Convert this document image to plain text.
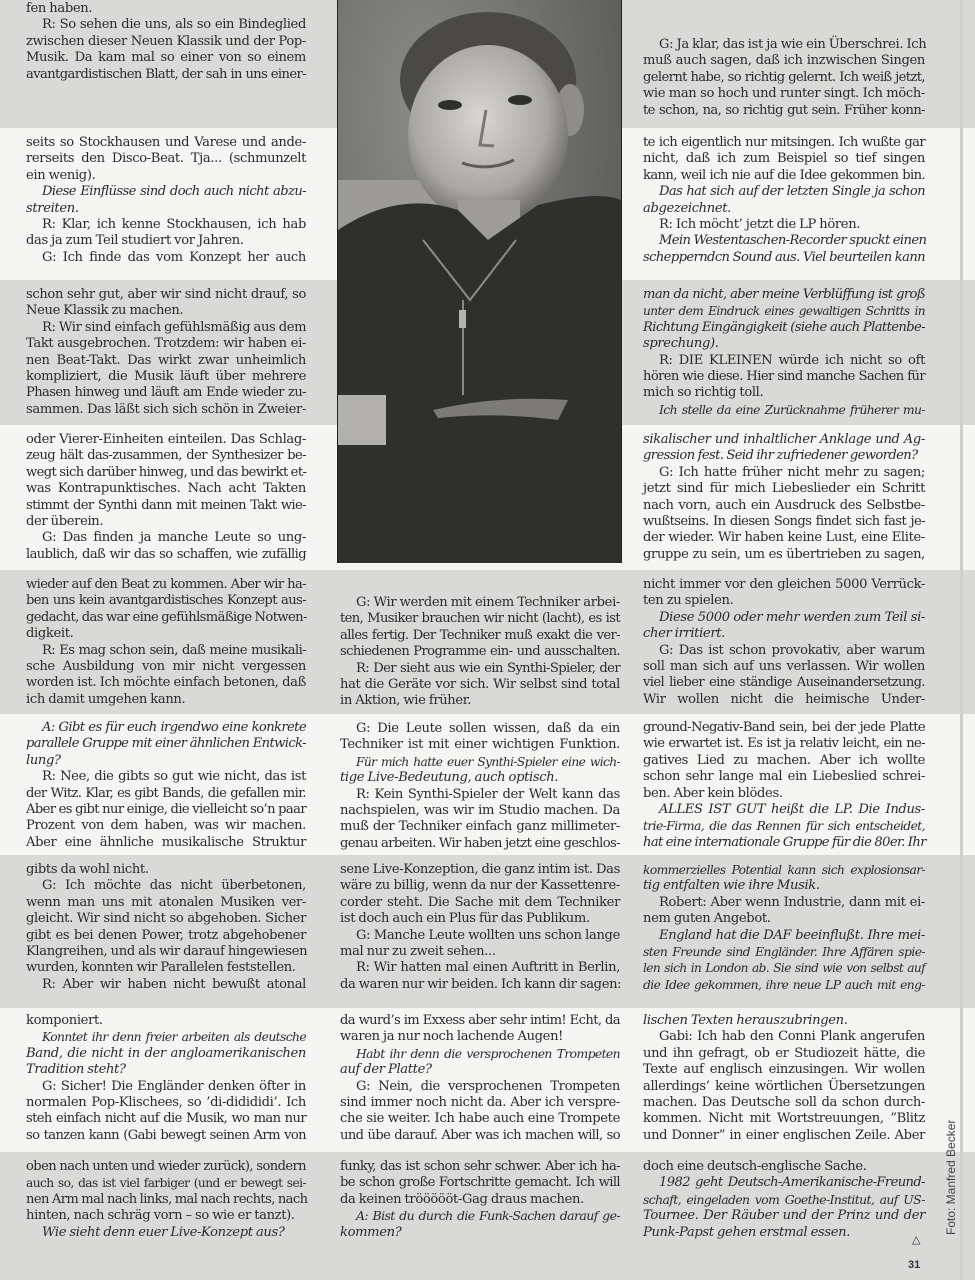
fen haben.
R: So sehen die uns, als so ein Bindeglied
zwischen dieser Neuen Klassik und der Pop-
Musik. Da kam mal so einer von so einem
avantgardistischen Blatt, der sah in uns einer-
seits so Stockhausen und Varese und ande-
rerseits den Disco-Beat. Tja... (schmunzelt
ein wenig).
Diese Einflüsse sind doch auch nicht abzu-
streiten.
R: Klar, ich kenne Stockhausen, ich hab
das ja zum Teil studiert vor Jahren.
G: Ich finde das vom Konzept her auch
schon sehr gut, aber wir sind nicht drauf, so
Neue Klassik zu machen.
R: Wir sind einfach gefühlsmäßig aus dem
Takt ausgebrochen. Trotzdem: wir haben ei-
nen Beat-Takt. Das wirkt zwar unheimlich
kompliziert, die Musik läuft über mehrere
Phasen hinweg und läuft am Ende wieder zu-
sammen. Das läßt sich sich schön in Zweier-
oder Vierer-Einheiten einteilen. Das Schlag-
zeug hält das-zusammen, der Synthesizer be-
wegt sich darüber hinweg, und das bewirkt et-
was Kontrapunktisches. Nach acht Takten
stimmt der Synthi dann mit meinen Takt wie-
der überein.
G: Das finden ja manche Leute so ung-
laublich, daß wir das so schaffen, wie zufällig
wieder auf den Beat zu kommen. Aber wir ha-
ben uns kein avantgardistisches Konzept aus-
gedacht, das war eine gefühlsmäßige Notwen-
digkeit.
R: Es mag schon sein, daß meine musikali-
sche Ausbildung von mir nicht vergessen
worden ist. Ich möchte einfach betonen, daß
ich damit umgehen kann.
A: Gibt es für euch irgendwo eine konkrete
parallele Gruppe mit einer ähnlichen Entwick-
lung?
R: Nee, die gibts so gut wie nicht, das ist
der Witz. Klar, es gibt Bands, die gefallen mir.
Aber es gibt nur einige, die vielleicht so’n paar
Prozent von dem haben, was wir machen.
Aber eine ähnliche musikalische Struktur
gibts da wohl nicht.
G: Ich möchte das nicht überbetonen,
wenn man uns mit atonalen Musiken ver-
gleicht. Wir sind nicht so abgehoben. Sicher
gibt es bei denen Power, trotz abgehobener
Klangreihen, und als wir darauf hingewiesen
wurden, konnten wir Parallelen feststellen.
R: Aber wir haben nicht bewußt atonal
komponiert.
Konntet ihr denn freier arbeiten als deutsche
Band, die nicht in der angloamerikanischen
Tradition steht?
G: Sicher! Die Engländer denken öfter in
normalen Pop-Klischees, so ’di-didididi’. Ich
steh einfach nicht auf die Musik, wo man nur
so tanzen kann (Gabi bewegt seinen Arm von
oben nach unten und wieder zurück), sondern
auch so, das ist viel farbiger (und er bewegt sei-
nen Arm mal nach links, mal nach rechts, nach
hinten, nach schräg vorn – so wie er tanzt).
Wie sieht denn euer Live-Konzept aus?
G: Wir werden mit einem Techniker arbei-
ten, Musiker brauchen wir nicht (lacht), es ist
alles fertig. Der Techniker muß exakt die ver-
schiedenen Programme ein- und ausschalten.
R: Der sieht aus wie ein Synthi-Spieler, der
hat die Geräte vor sich. Wir selbst sind total
in Aktion, wie früher.
G: Die Leute sollen wissen, daß da ein
Techniker ist mit einer wichtigen Funktion.
Für mich hatte euer Synthi-Spieler eine wich-
tige Live-Bedeutung, auch optisch.
R: Kein Synthi-Spieler der Welt kann das
nachspielen, was wir im Studio machen. Da
muß der Techniker einfach ganz millimeter-
genau arbeiten. Wir haben jetzt eine geschlos-
sene Live-Konzeption, die ganz intim ist. Das
wäre zu billig, wenn da nur der Kassettenre-
corder steht. Die Sache mit dem Techniker
ist doch auch ein Plus für das Publikum.
G: Manche Leute wollten uns schon lange
mal nur zu zweit sehen...
R: Wir hatten mal einen Auftritt in Berlin,
da waren nur wir beiden. Ich kann dir sagen:
da wurd’s im Exxess aber sehr intim! Echt, da
waren ja nur noch lachende Augen!
Habt ihr denn die versprochenen Trompeten
auf der Platte?
G: Nein, die versprochenen Trompeten
sind immer noch nicht da. Aber ich verspre-
che sie weiter. Ich habe auch eine Trompete
und übe darauf. Aber was ich machen will, so
funky, das ist schon sehr schwer. Aber ich ha-
be schon große Fortschritte gemacht. Ich will
da keinen tröööööt-Gag draus machen.
A: Bist du durch die Funk-Sachen darauf ge-
kommen?
G: Ja klar, das ist ja wie ein Überschrei. Ich
muß auch sagen, daß ich inzwischen Singen
gelernt habe, so richtig gelernt. Ich weiß jetzt,
wie man so hoch und runter singt. Ich möch-
te schon, na, so richtig gut sein. Früher konn-
te ich eigentlich nur mitsingen. Ich wußte gar
nicht, daß ich zum Beispiel so tief singen
kann, weil ich nie auf die Idee gekommen bin.
Das hat sich auf der letzten Single ja schon
abgezeichnet.
R: Ich möcht’ jetzt die LP hören.
Mein Westentaschen-Recorder spuckt einen
schepperndcn Sound aus. Viel beurteilen kann
man da nicht, aber meine Verblüffung ist groß
unter dem Eindruck eines gewaltigen Schritts in
Richtung Eingängigkeit (siehe auch Plattenbe-
sprechung).
R: DIE KLEINEN würde ich nicht so oft
hören wie diese. Hier sind manche Sachen für
mich so richtig toll.
Ich stelle da eine Zurücknahme früherer mu-
sikalischer und inhaltlicher Anklage und Ag-
gression fest. Seid ihr zufriedener geworden?
G: Ich hatte früher nicht mehr zu sagen;
jetzt sind für mich Liebeslieder ein Schritt
nach vorn, auch ein Ausdruck des Selbstbe-
wußtseins. In diesen Songs findet sich fast je-
der wieder. Wir haben keine Lust, eine Elite-
gruppe zu sein, um es übertrieben zu sagen,
nicht immer vor den gleichen 5000 Verrück-
ten zu spielen.
Diese 5000 oder mehr werden zum Teil si-
cher irritiert.
G: Das ist schon provokativ, aber warum
soll man sich auf uns verlassen. Wir wollen
viel lieber eine ständige Auseinandersetzung.
Wir wollen nicht die heimische Under-
ground-Negativ-Band sein, bei der jede Platte
wie erwartet ist. Es ist ja relativ leicht, ein ne-
gatives Lied zu machen. Aber ich wollte
schon sehr lange mal ein Liebeslied schrei-
ben. Aber kein blödes.
ALLES IST GUT heißt die LP. Die Indus-
trie-Firma, die das Rennen für sich entscheidet,
hat eine internationale Gruppe für die 80er. Ihr
kommerzielles Potential kann sich explosionsar-
tig entfalten wie ihre Musik.
Robert: Aber wenn Industrie, dann mit ei-
nem guten Angebot.
England hat die DAF beeinflußt. Ihre mei-
sten Freunde sind Engländer. Ihre Affären spie-
len sich in London ab. Sie sind wie von selbst auf
die Idee gekommen, ihre neue LP auch mit eng-
lischen Texten herauszubringen.
Gabi: Ich hab den Conni Plank angerufen
und ihn gefragt, ob er Studiozeit hätte, die
Texte auf englisch einzusingen. Wir wollen
allerdings’ keine wörtlichen Übersetzungen
machen. Das Deutsche soll da schon durch-
kommen. Nicht mit Wortstreuungen, ”Blitz
und Donner” in einer englischen Zeile. Aber
doch eine deutsch-englische Sache.
1982 geht Deutsch-Amerikanische-Freund-
schaft, eingeladen vom Goethe-Institut, auf US-
Tournee. Der Räuber und der Prinz und der
Punk-Papst gehen erstmal essen.	△
Foto: Manfred Becker
31
